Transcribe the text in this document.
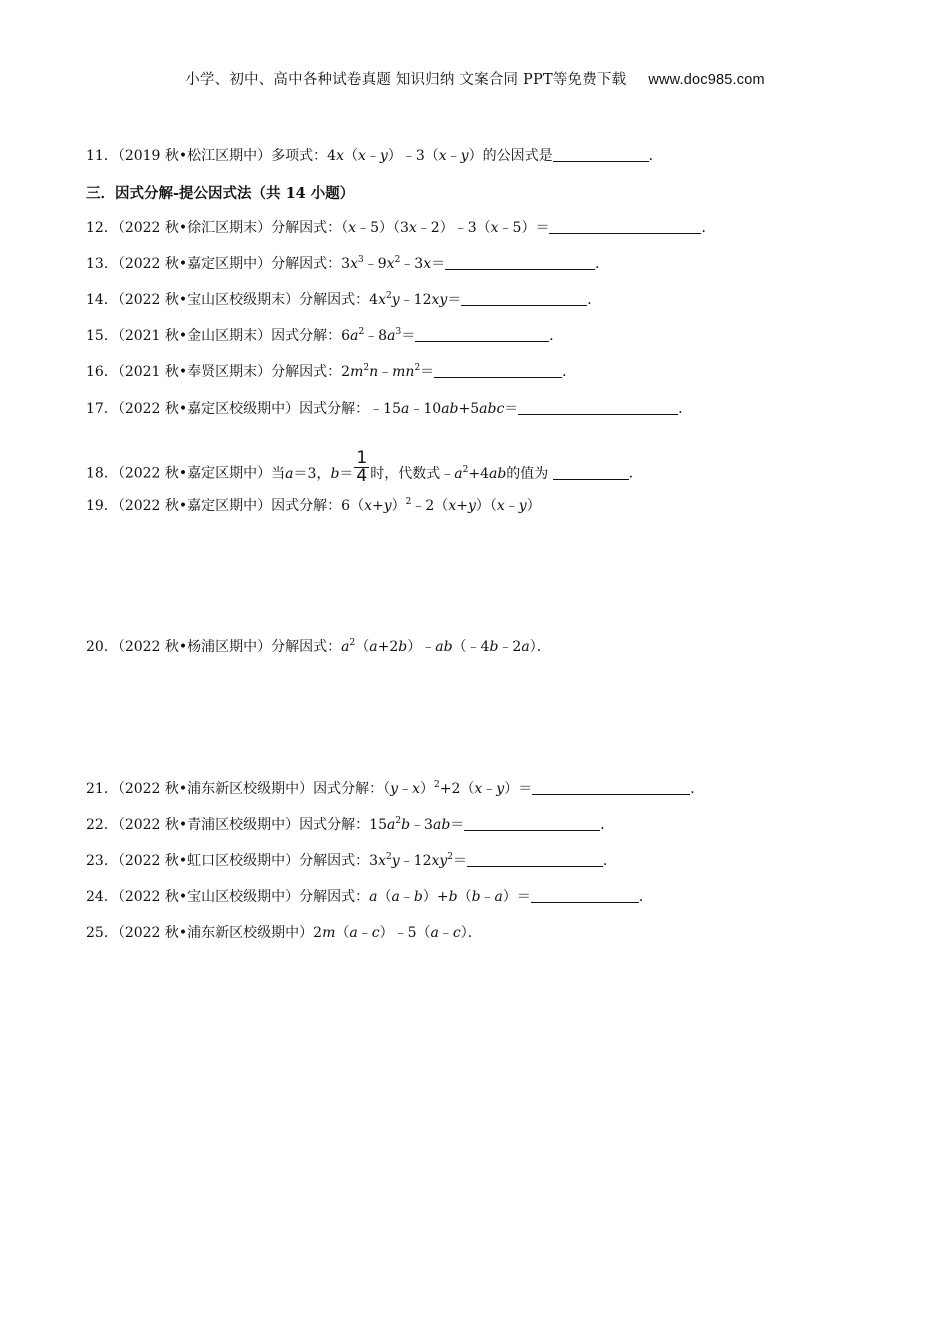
小学、初中、高中各种试卷真题 知识归纳 文案合同 PPT等免费下载 www.doc985.com
11．（2019 秋•松江区期中）多项式：4x（x﹣y）﹣3（x﹣y）的公因式是	．
三．因式分解-提公因式法（共 14 小题）
12．（2022 秋•徐汇区期末）分解因式：（x﹣5）（3x﹣2）﹣3（x﹣5）＝	．
13．（2022 秋•嘉定区期中）分解因式：$3x^3﹣9x^2﹣3x=$	．
14．（2022 秋•宝山区校级期末）分解因式：$4x^2y﹣12xy=$	．
15．（2021 秋•金山区期末）因式分解：$6a^2﹣8a^3=$	．
16．（2021 秋•奉贤区期末）分解因式：$2m^2n﹣mn^2=$	．
17．（2022 秋•嘉定区校级期中）因式分解：﹣15a﹣10ab+5abc＝	．
18．（2022 秋•嘉定区期中）当a＝3，$b= \frac{1}{4}$ 时，代数式$﹣a^2+4ab$的值为	．
19．（2022 秋•嘉定区期中）因式分解：$6(x+y)^2﹣2(x+y)(x﹣y)$
20．（2022 秋•杨浦区期中）分解因式：$a^2(a+2b)﹣ab(﹣4b﹣2a)$．
21．（2022 秋•浦东新区校级期中）因式分解：（y﹣x）$^2$+2（x﹣y）＝	．
22．（2022 秋•青浦区校级期中）因式分解：$15a^2b﹣3ab=$	．
23．（2022 秋•虹口区校级期中）分解因式：$3x^2y﹣12xy^2=$	．
24．（2022 秋•宝山区校级期中）分解因式：a（a﹣b）+b（b﹣a）＝	．
25．（2022 秋•浦东新区校级期中）2m（a﹣c）﹣5（a﹣c）．
